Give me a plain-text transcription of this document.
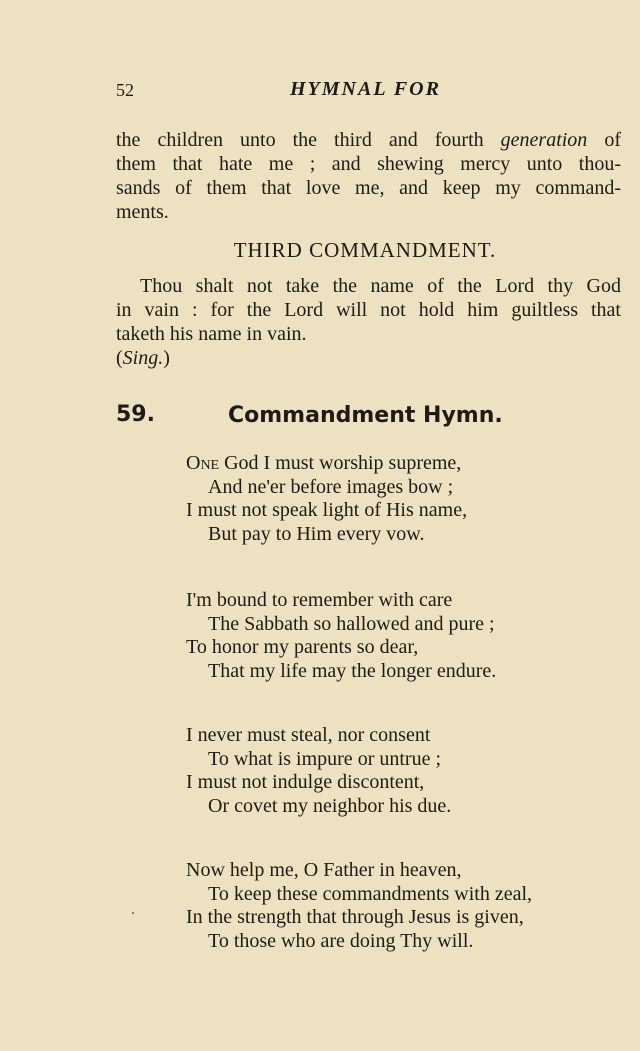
52	HYMNAL FOR
the children unto the third and fourth generation of
them that hate me ; and shewing mercy unto thou-
sands of them that love me, and keep my command-
ments.
THIRD COMMANDMENT.
Thou shalt not take the name of the Lord thy God
in vain : for the Lord will not hold him guiltless that
taketh his name in vain.
(Sing.)
59.	Commandment Hymn.
One God I must worship supreme,
And ne'er before images bow ;
I must not speak light of His name,
But pay to Him every vow.
I'm bound to remember with care
The Sabbath so hallowed and pure ;
To honor my parents so dear,
That my life may the longer endure.
I never must steal, nor consent
To what is impure or untrue ;
I must not indulge discontent,
Or covet my neighbor his due.
Now help me, O Father in heaven,
To keep these commandments with zeal,
In the strength that through Jesus is given,
To those who are doing Thy will.
